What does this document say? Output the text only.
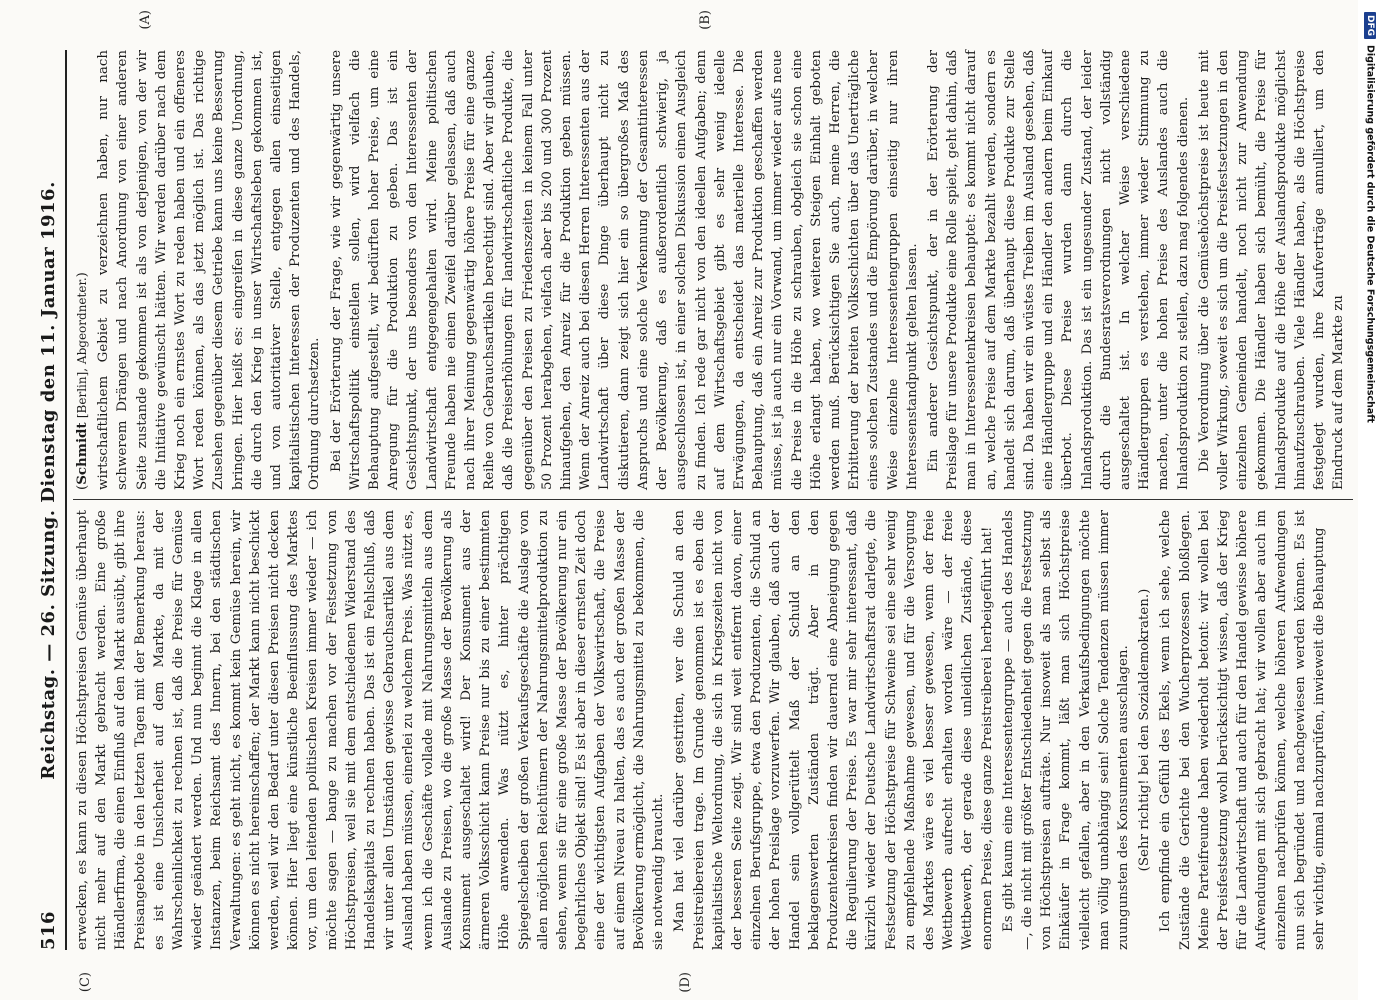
516
Reichstag. — 26. Sitzung. Dienstag den 11. Januar 1916. (Schmidt [Berlin], Abgeordneter.) wirtschaftlichem Gebiet zu verzeichnen haben, nur nach schwerem Drängen und nach Anordnung von einer anderen Seite zustande gekommen ist als von derjenigen, von der wir die Initiative gewünscht hätten. Wir werden darüber nach dem Krieg noch ein ernstes Wort zu reden haben und ein offeneres Wort reden können, als das jetzt möglich ist. Das richtige Zusehen gegenüber diesem Getriebe kann uns keine Besserung bringen. Hier heißt es: eingreifen in diese ganze Unordnung, die durch den Krieg in unser Wirtschaftsleben gekommen ist, und von autoritativer Stelle, entgegen allen einseitigen kapitalistischen Interessen der Produzenten und des Handels, Ordnung durchsetzen. Bei der Erörterung der Frage, wie wir gegenwärtig unsere Wirtschaftspolitik einstellen sollen, wird vielfach die Behauptung aufgestellt, wir bedürften hoher Preise, um eine Anregung für die Produktion zu geben. Das ist ein Gesichtspunkt, der uns besonders von den Interessenten der Landwirtschaft entgegengehalten wird. Meine politischen Freunde haben nie einen Zweifel darüber gelassen, daß auch nach ihrer Meinung gegenwärtig höhere Preise für eine ganze Reihe von Gebrauchsartikeln berechtigt sind. Aber wir glauben, daß die Preiserhöhungen für landwirtschaftliche Produkte, die gegenüber den Preisen zu Friedenszeiten in keinem Fall unter 50 Prozent herabgehen, vielfach aber bis 200 und 300 Prozent hinaufgehen, den Anreiz für die Produktion geben müssen. Wenn der Anreiz auch bei diesen Herren Interessenten aus der Landwirtschaft über diese Dinge überhaupt nicht zu diskutieren, dann zeigt sich hier ein so übergroßes Maß des Anspruchs und eine solche Verkennung der Gesamtinteressen der Bevölkerung, daß es außerordentlich schwierig, ja ausgeschlossen ist, in einer solchen Diskussion einen Ausgleich zu finden. Ich rede gar nicht von den ideellen Aufgaben; denn auf dem Wirtschaftsgebiet gibt es sehr wenig ideelle Erwägungen, da entscheidet das materielle Interesse. Die Behauptung, daß ein Anreiz zur Produktion geschaffen werden müsse, ist ja auch nur ein Vorwand, um immer wieder aufs neue die Preise in die Höhe zu schrauben, obgleich sie schon eine Höhe erlangt haben, wo weiteren Steigen Einhalt geboten werden muß. Berücksichtigen Sie auch, meine Herren, die Erbitterung der breiten Volksschichten über das Unerträgliche eines solchen Zustandes und die Empörung darüber, in welcher Weise einzelne Interessentengruppen einseitig nur ihren Interessenstandpunkt gelten lassen. Ein anderer Gesichtspunkt, der in der Erörterung der Preislage für unsere Produkte eine Rolle spielt, geht dahin, daß man in Interessentenkreisen behauptet: es kommt nicht darauf an, welche Preise auf dem Markte bezahlt werden, sondern es handelt sich darum, daß überhaupt diese Produkte zur Stelle sind. Da haben wir ein wüstes Treiben im Ausland gesehen, daß eine Händlergruppe und ein Händler den andern beim Einkauf überbot. Diese Preise wurden dann durch die Inlandsproduktion. Das ist ein ungesunder Zustand, der leider durch die Bundesratsverordnungen nicht vollständig ausgeschaltet ist. In welcher Weise verschiedene Händlergruppen es verstehen, immer wieder Stimmung zu machen, unter die hohen Preise des Auslandes auch die Inlandsproduktion zu stellen, dazu mag folgendes dienen. Die Verordnung über die Gemüsehöchstpreise ist heute mit voller Wirkung, soweit es sich um die Preisfestsetzungen in den einzelnen Gemeinden handelt, noch nicht zur Anwendung gekommen. Die Händler haben sich bemüht, die Preise für Inlandsprodukte auf die Höhe der Auslandsprodukte möglichst hinaufzuschrauben. Viele Händler haben, als die Höchstpreise festgelegt wurden, ihre Kaufverträge annulliert, um den Eindruck auf dem Markte zu

erwecken, es kann zu diesen Höchstpreisen Gemüse überhaupt nicht mehr auf den Markt gebracht werden. Eine große Händlerfirma, die einen Einfluß auf den Markt ausübt, gibt ihre Preisangebote in den letzten Tagen mit der Bemerkung heraus: es ist eine Unsicherheit auf dem Markte, da mit der Wahrscheinlichkeit zu rechnen ist, daß die Preise für Gemüse wieder geändert werden. Und nun beginnt die Klage in allen Instanzen, beim Reichsamt des Innern, bei den städtischen Verwaltungen: es geht nicht, es kommt kein Gemüse herein, wir können es nicht hereinschaffen; der Markt kann nicht beschickt werden, weil wir den Bedarf unter diesen Preisen nicht decken können. Hier liegt eine künstliche Beeinflussung des Marktes vor, um den leitenden politischen Kreisen immer wieder — ich möchte sagen — bange zu machen vor der Festsetzung von Höchstpreisen, weil sie mit dem entschiedenen Widerstand des Handelskapitals zu rechnen haben. Das ist ein Fehlschluß, daß wir unter allen Umständen gewisse Gebrauchsartikel aus dem Ausland haben müssen, einerlei zu welchem Preis. Was nützt es, wenn ich die Geschäfte vollade mit Nahrungsmitteln aus dem Auslande zu Preisen, wo die große Masse der Bevölkerung als Konsument ausgeschaltet wird! Der Konsument aus der ärmeren Volksschicht kann Preise nur bis zu einer bestimmten Höhe anwenden. Was nützt es, hinter prächtigen Spiegelscheiben der großen Verkaufsgeschäfte die Auslage von allen möglichen Reichtümern der Nahrungsmittelproduktion zu sehen, wenn sie für eine große Masse der Bevölkerung nur ein begehrliches Objekt sind! Es ist aber in dieser ernsten Zeit doch eine der wichtigsten Aufgaben der Volkswirtschaft, die Preise auf einem Niveau zu halten, das es auch der großen Masse der Bevölkerung ermöglicht, die Nahrungsmittel zu bekommen, die sie notwendig braucht. Man hat viel darüber gestritten, wer die Schuld an den Preistreibereien trage. Im Grunde genommen ist es eben die kapitalistische Weltordnung, die sich in Kriegszeiten nicht von der besseren Seite zeigt. Wir sind weit entfernt davon, einer einzelnen Berufsgruppe, etwa den Produzenten, die Schuld an der hohen Preislage vorzuwerfen. Wir glauben, daß auch der Handel sein vollgerüttelt Maß der Schuld an den beklagenswerten Zuständen trägt. Aber in den Produzentenkreisen finden wir dauernd eine Abneigung gegen die Regulierung der Preise. Es war mir sehr interessant, daß kürzlich wieder der Deutsche Landwirtschaftsrat darlegte, die Festsetzung der Höchstpreise für Schweine sei eine sehr wenig zu empfehlende Maßnahme gewesen, und für die Versorgung des Marktes wäre es viel besser gewesen, wenn der freie Wettbewerb aufrecht erhalten worden wäre — der freie Wettbewerb, der gerade diese unleidlichen Zustände, diese enormen Preise, diese ganze Preistreiberei herbeigeführt hat! Es gibt kaum eine Interessentengruppe — auch des Handels —, die nicht mit größter Entschiedenheit gegen die Festsetzung von Höchstpreisen aufträte. Nur insoweit als man selbst als Einkäufer in Frage kommt, läßt man sich Höchstpreise vielleicht gefallen, aber in den Verkaufsbedingungen möchte man völlig unabhängig sein! Solche Tendenzen müssen immer zuungunsten des Konsumenten ausschlagen. (Sehr richtig! bei den Sozialdemokraten.) Ich empfinde ein Gefühl des Ekels, wenn ich sehe, welche Zustände die Gerichte bei den Wucherprozessen bloßlegen. Meine Parteifreunde haben wiederholt betont: wir wollen bei der Preisfestsetzung wohl berücksichtigt wissen, daß der Krieg für die Landwirtschaft und auch für den Handel gewisse höhere Aufwendungen mit sich gebracht hat; wir wollen aber auch im einzelnen nachprüfen können, welche höheren Aufwendungen nun sich begründet und nachgewiesen werden können. Es ist sehr wichtig, einmal nachzuprüfen, inwieweit die Behauptung

(A)	(B)
(C)	(D)
DFG
Digitalisierung gefördert durch die Deutsche Forschungsgemeinschaft
